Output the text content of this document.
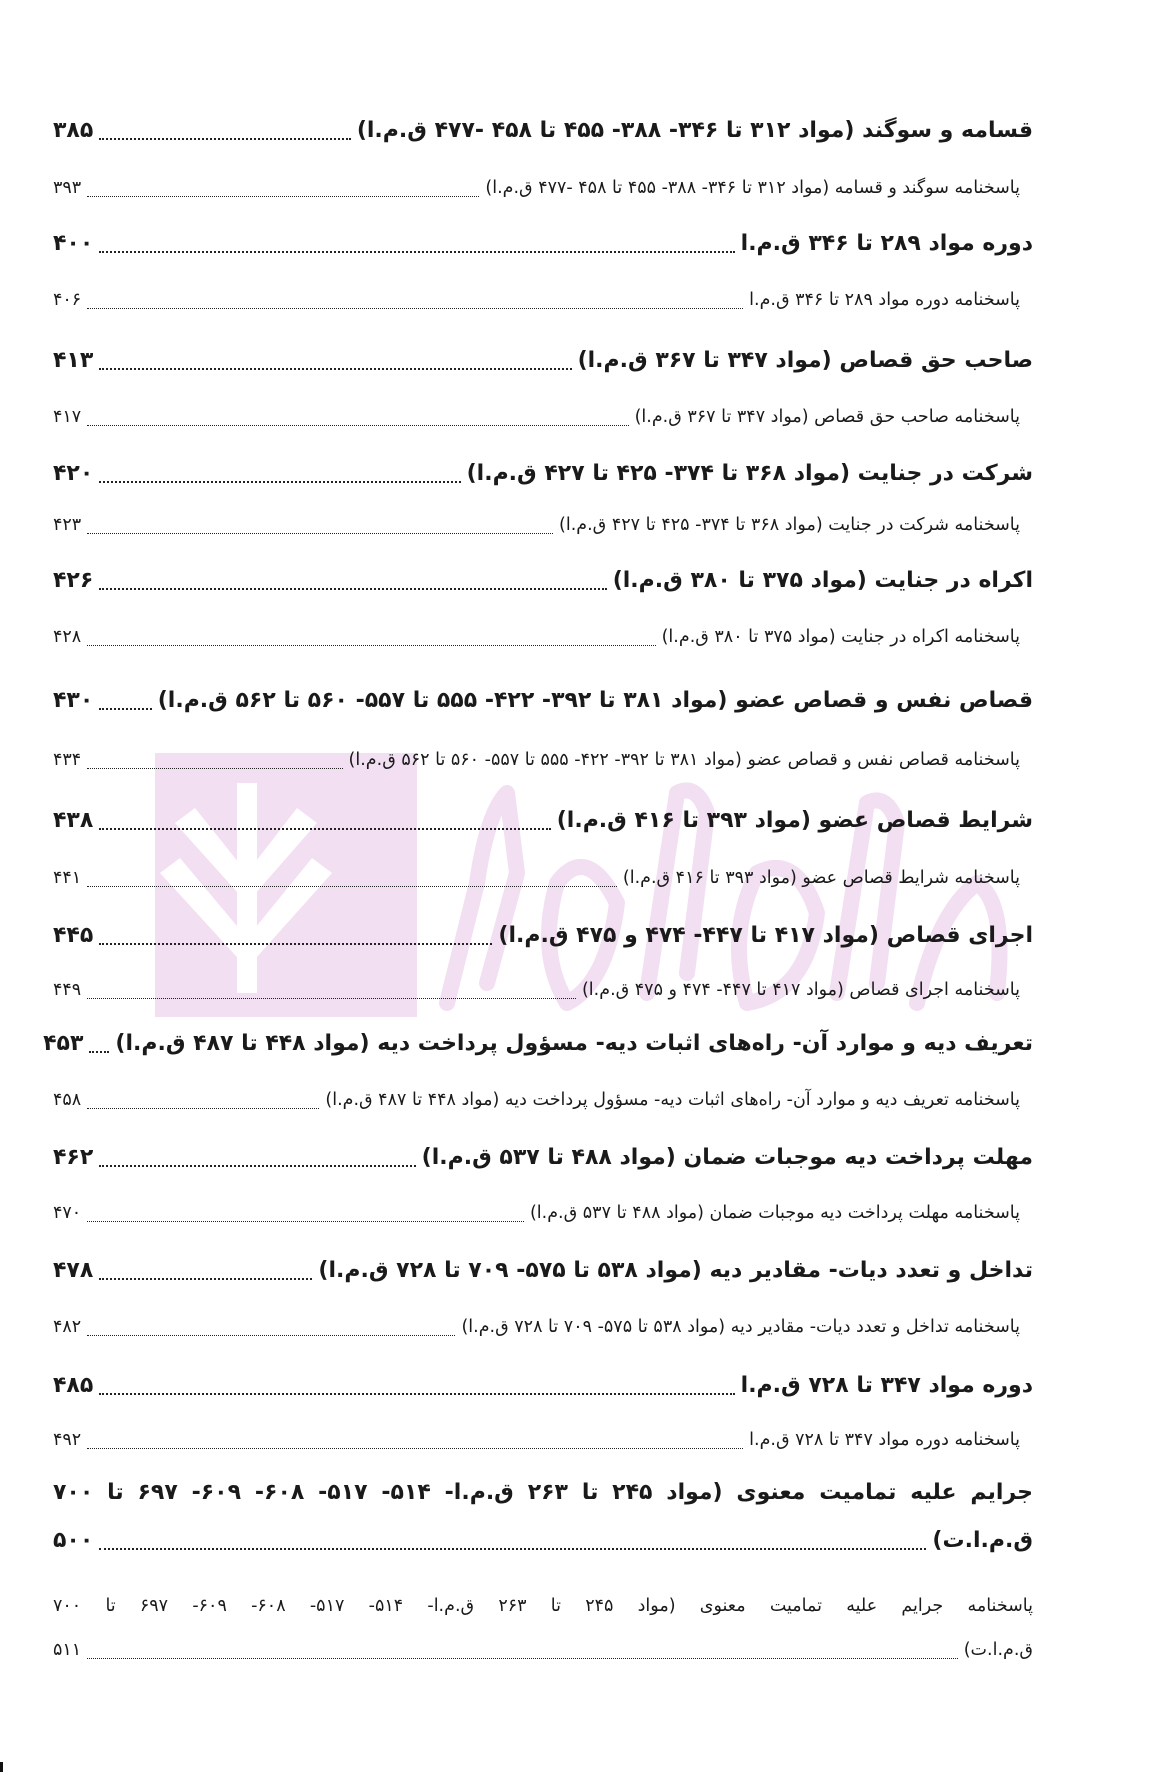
قسامه و سوگند (مواد ۳۱۲ تا ۳۴۶- ۳۸۸- ۴۵۵ تا ۴۵۸ -۴۷۷ ق.م.ا)
۳۸۵
پاسخنامه سوگند و قسامه (مواد ۳۱۲ تا ۳۴۶- ۳۸۸- ۴۵۵ تا ۴۵۸ -۴۷۷ ق.م.ا)
۳۹۳
دوره مواد ۲۸۹ تا ۳۴۶ ق.م.ا
۴۰۰
پاسخنامه دوره مواد ۲۸۹ تا ۳۴۶ ق.م.ا
۴۰۶
صاحب حق قصاص (مواد ۳۴۷ تا ۳۶۷ ق.م.ا)
۴۱۳
پاسخنامه صاحب حق قصاص (مواد ۳۴۷ تا ۳۶۷ ق.م.ا)
۴۱۷
شرکت در جنایت (مواد ۳۶۸ تا ۳۷۴- ۴۲۵ تا ۴۲۷ ق.م.ا)
۴۲۰
پاسخنامه شرکت در جنایت (مواد ۳۶۸ تا ۳۷۴- ۴۲۵ تا ۴۲۷ ق.م.ا)
۴۲۳
اکراه در جنایت (مواد ۳۷۵ تا ۳۸۰ ق.م.ا)
۴۲۶
پاسخنامه اکراه در جنایت (مواد ۳۷۵ تا ۳۸۰ ق.م.ا)
۴۲۸
قصاص نفس و قصاص عضو (مواد ۳۸۱ تا ۳۹۲- ۴۲۲- ۵۵۵ تا ۵۵۷- ۵۶۰ تا ۵۶۲ ق.م.ا)
۴۳۰
پاسخنامه قصاص نفس و قصاص عضو (مواد ۳۸۱ تا ۳۹۲- ۴۲۲- ۵۵۵ تا ۵۵۷- ۵۶۰ تا ۵۶۲ ق.م.ا)
۴۳۴
شرایط قصاص عضو (مواد ۳۹۳ تا ۴۱۶ ق.م.ا)
۴۳۸
پاسخنامه شرایط قصاص عضو (مواد ۳۹۳ تا ۴۱۶ ق.م.ا)
۴۴۱
اجرای قصاص (مواد ۴۱۷ تا ۴۴۷- ۴۷۴ و ۴۷۵ ق.م.ا)
۴۴۵
پاسخنامه اجرای قصاص (مواد ۴۱۷ تا ۴۴۷- ۴۷۴ و ۴۷۵ ق.م.ا)
۴۴۹
تعریف دیه و موارد آن- راه‌های اثبات دیه- مسؤول پرداخت دیه (مواد ۴۴۸ تا ۴۸۷ ق.م.ا)
۴۵۳
پاسخنامه تعریف دیه و موارد آن- راه‌های اثبات دیه- مسؤول پرداخت دیه (مواد ۴۴۸ تا ۴۸۷ ق.م.ا)
۴۵۸
مهلت پرداخت دیه موجبات ضمان (مواد ۴۸۸ تا ۵۳۷ ق.م.ا)
۴۶۲
پاسخنامه مهلت پرداخت دیه موجبات ضمان (مواد ۴۸۸ تا ۵۳۷ ق.م.ا)
۴۷۰
تداخل و تعدد دیات- مقادیر دیه (مواد ۵۳۸ تا ۵۷۵- ۷۰۹ تا ۷۲۸ ق.م.ا)
۴۷۸
پاسخنامه تداخل و تعدد دیات- مقادیر دیه (مواد ۵۳۸ تا ۵۷۵- ۷۰۹ تا ۷۲۸ ق.م.ا)
۴۸۲
دوره مواد ۳۴۷ تا ۷۲۸ ق.م.ا
۴۸۵
پاسخنامه دوره مواد ۳۴۷ تا ۷۲۸ ق.م.ا
۴۹۲
جرایم علیه تمامیت معنوی (مواد ۲۴۵ تا ۲۶۳ ق.م.ا- ۵۱۴- ۵۱۷- ۶۰۸- ۶۰۹- ۶۹۷ تا ۷۰۰
ق.م.ا.ت)
۵۰۰
پاسخنامه جرایم علیه تمامیت معنوی (مواد ۲۴۵ تا ۲۶۳ ق.م.ا- ۵۱۴- ۵۱۷- ۶۰۸- ۶۰۹- ۶۹۷ تا ۷۰۰
ق.م.ا.ت)
۵۱۱
